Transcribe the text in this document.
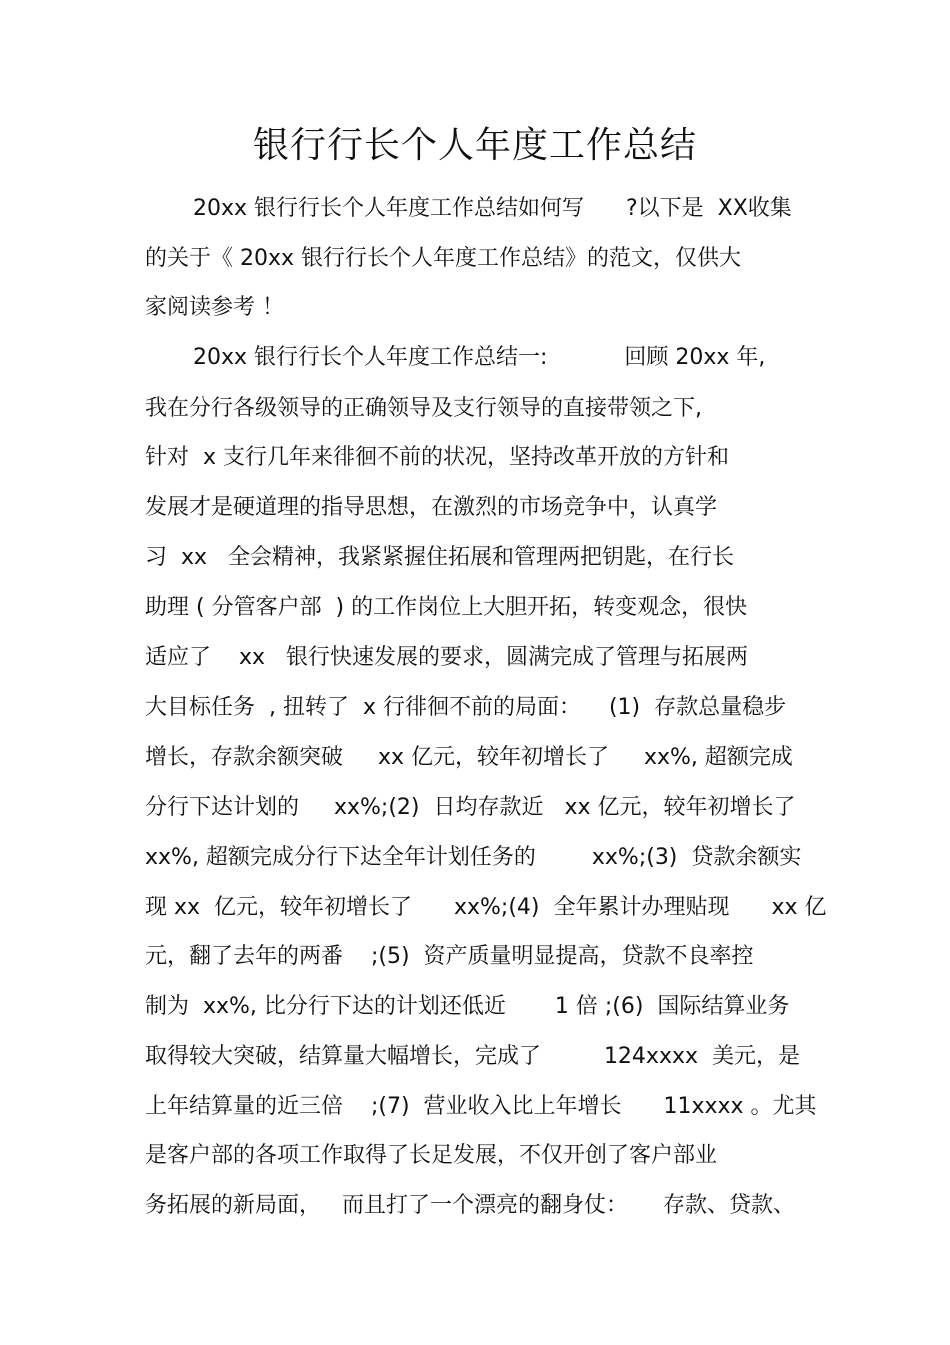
银行行长个人年度工作总结
20xx 银行行长个人年度工作总结如何写      ?以下是  XX收集
的关于《 20xx 银行行长个人年度工作总结》的范文，仅供大
家阅读参考 ！
20xx 银行行长个人年度工作总结一:           回顾 20xx 年,
我在分行各级领导的正确领导及支行领导的直接带领之下,
针对  x 支行几年来徘徊不前的状况，坚持改革开放的方针和
发展才是硬道理的指导思想，在激烈的市场竞争中，认真学
习  xx   全会精神，我紧紧握住拓展和管理两把钥匙，在行长
助理 ( 分管客户部  ) 的工作岗位上大胆开拓，转变观念，很快
适应了    xx   银行快速发展的要求，圆满完成了管理与拓展两
大目标任务  , 扭转了  x 行徘徊不前的局面：    (1)  存款总量稳步
增长，存款余额突破     xx 亿元，较年初增长了     xx%, 超额完成
分行下达计划的     xx%;(2)  日均存款近   xx 亿元，较年初增长了
xx%, 超额完成分行下达全年计划任务的        xx%;(3)  贷款余额实
现 xx  亿元，较年初增长了      xx%;(4)  全年累计办理贴现      xx 亿
元，翻了去年的两番    ;(5)  资产质量明显提高，贷款不良率控
制为  xx%, 比分行下达的计划还低近       1 倍 ;(6)  国际结算业务
取得较大突破，结算量大幅增长，完成了         124xxxx  美元，是
上年结算量的近三倍    ;(7)  营业收入比上年增长      11xxxx 。尤其
是客户部的各项工作取得了长足发展，不仅开创了客户部业
务拓展的新局面，   而且打了一个漂亮的翻身仗：     存款、贷款、
